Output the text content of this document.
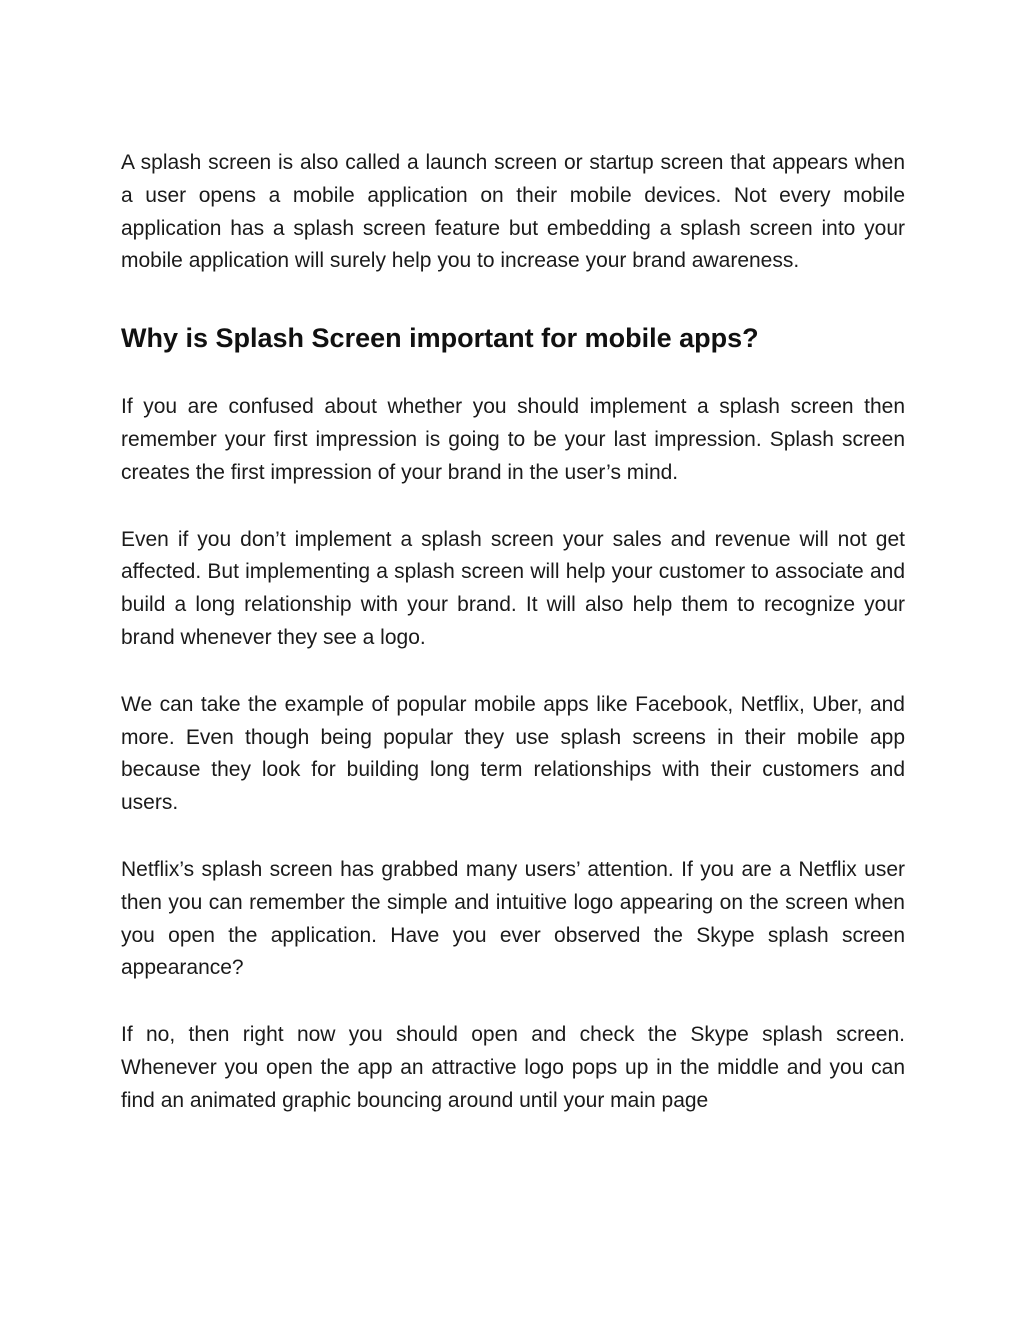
A splash screen is also called a launch screen or startup screen that appears when a user opens a mobile application on their mobile devices. Not every mobile application has a splash screen feature but embedding a splash screen into your mobile application will surely help you to increase your brand awareness.

Why is Splash Screen important for mobile apps?

If you are confused about whether you should implement a splash screen then remember your first impression is going to be your last impression. Splash screen creates the first impression of your brand in the user’s mind.

Even if you don’t implement a splash screen your sales and revenue will not get affected. But implementing a splash screen will help your customer to associate and build a long relationship with your brand. It will also help them to recognize your brand whenever they see a logo.

We can take the example of popular mobile apps like Facebook, Netflix, Uber, and more. Even though being popular they use splash screens in their mobile app because they look for building long term relationships with their customers and users.

Netflix’s splash screen has grabbed many users’ attention. If you are a Netflix user then you can remember the simple and intuitive logo appearing on the screen when you open the application. Have you ever observed the Skype splash screen appearance?

If no, then right now you should open and check the Skype splash screen. Whenever you open the app an attractive logo pops up in the middle and you can find an animated graphic bouncing around until your main page
